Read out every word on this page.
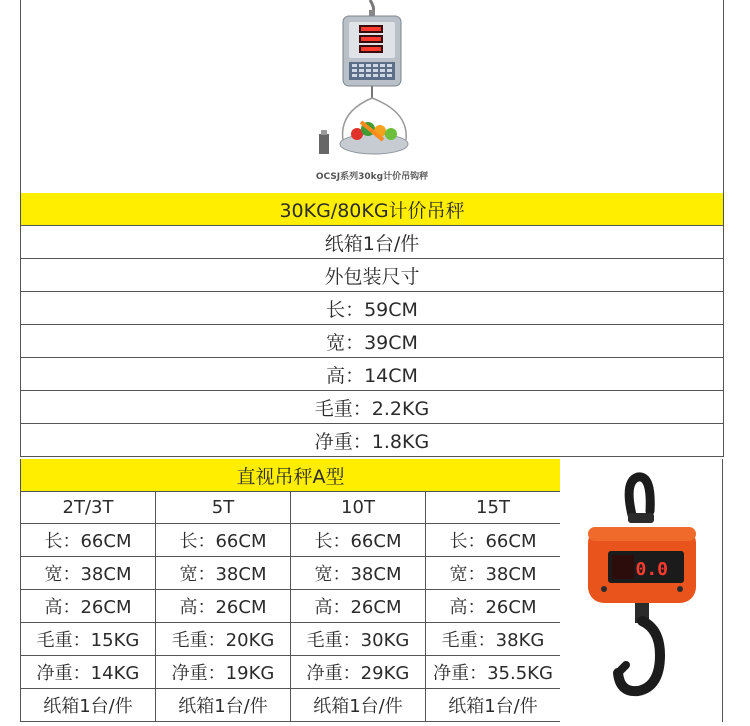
OCSJ系列30kg计价吊钩秤
30KG/80KG计价吊秤
纸箱1台/件
外包装尺寸
长：59CM
宽：39CM
高：14CM
毛重：2.2KG
净重：1.8KG
直视吊秤A型
2T/3T	5T	10T	15T
长：66CM	长：66CM	长：66CM	长：66CM
宽：38CM	宽：38CM	宽：38CM	宽：38CM
高：26CM	高：26CM	高：26CM	高：26CM
毛重：15KG	毛重：20KG	毛重：30KG	毛重：38KG
净重：14KG	净重：19KG	净重：29KG	净重：35.5KG
纸箱1台/件	纸箱1台/件	纸箱1台/件	纸箱1台/件
0.0
